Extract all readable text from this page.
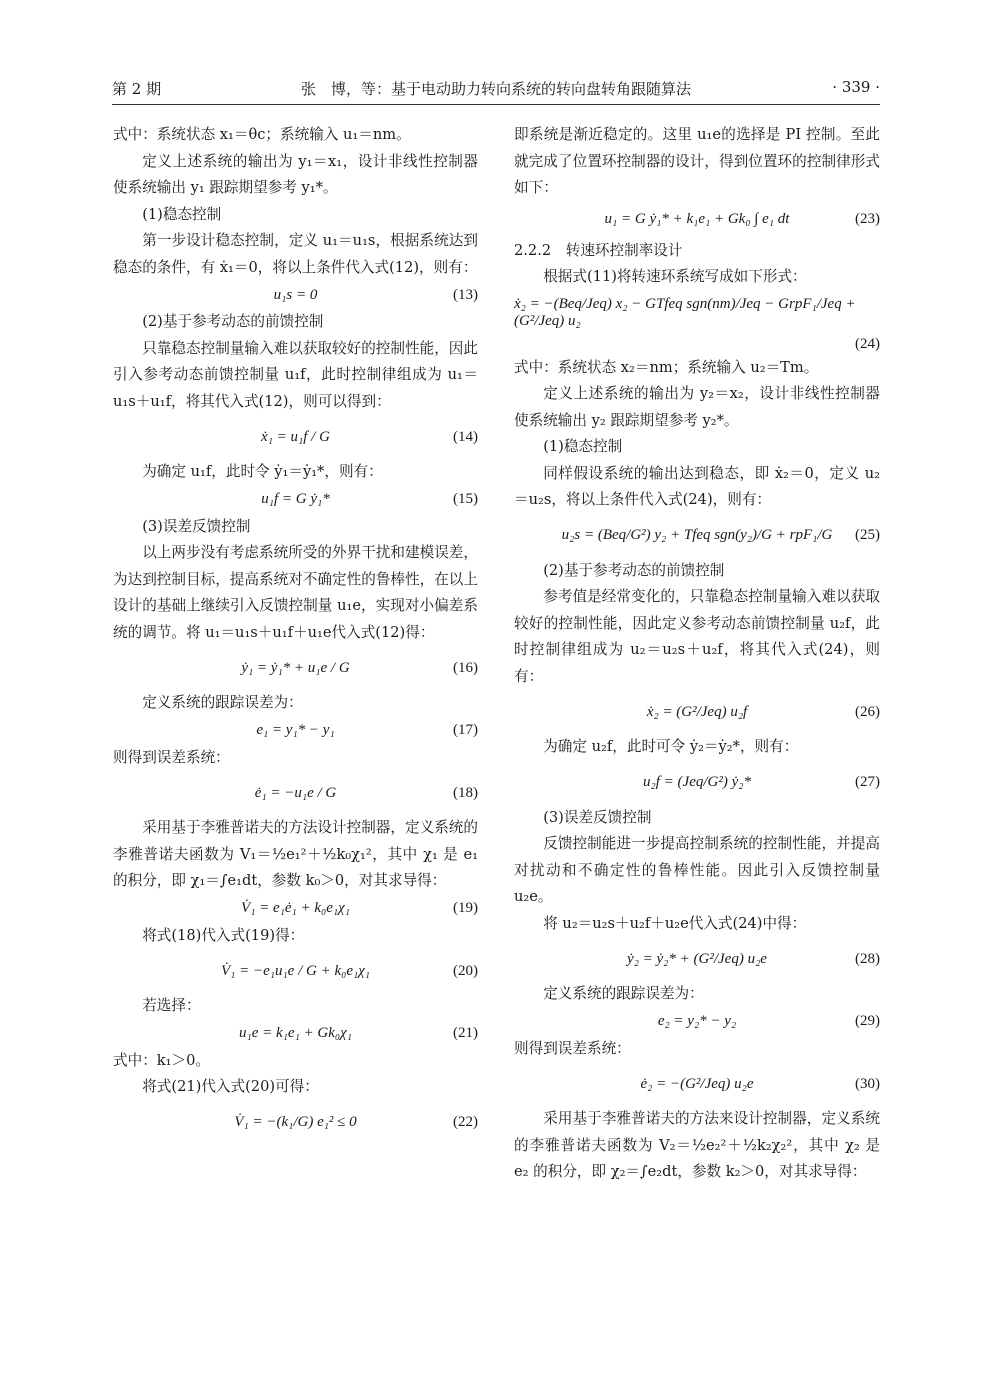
第 2 期	张　博，等：基于电动助力转向系统的转向盘转角跟随算法	· 339 ·

式中：系统状态 x₁＝θc；系统输入 u₁＝nm。

定义上述系统的输出为 y₁＝x₁，设计非线性控制器使系统输出 y₁ 跟踪期望参考 y₁*。

(1)稳态控制

第一步设计稳态控制，定义 u₁＝u₁s，根据系统达到稳态的条件，有 ẋ₁＝0，将以上条件代入式(12)，则有：

u₁s = 0	(13)
(2)基于参考动态的前馈控制

只靠稳态控制量输入难以获取较好的控制性能，因此引入参考动态前馈控制量 u₁f，此时控制律组成为 u₁＝u₁s＋u₁f，将其代入式(12)，则可以得到：

ẋ₁ = u₁f / G	(14)

为确定 u₁f，此时令 ẏ₁＝ẏ₁*，则有：

u₁f = G ẏ₁*	(15)
(3)误差反馈控制

以上两步没有考虑系统所受的外界干扰和建模误差，为达到控制目标，提高系统对不确定性的鲁棒性，在以上设计的基础上继续引入反馈控制量 u₁e，实现对小偏差系统的调节。将 u₁＝u₁s＋u₁f＋u₁e代入式(12)得：

ẏ₁ = ẏ₁* + u₁e / G	(16)

定义系统的跟踪误差为：

e₁ = y₁* − y₁	(17)

则得到误差系统：

ė₁ = −u₁e / G	(18)

采用基于李雅普诺夫的方法设计控制器，定义系统的李雅普诺夫函数为 V₁＝½e₁²＋½k₀χ₁²，其中 χ₁ 是 e₁ 的积分，即 χ₁＝∫e₁dt，参数 k₀＞0，对其求导得：

V̇₁ = e₁ė₁ + k₀e₁χ₁	(19)

将式(18)代入式(19)得：

V̇₁ = −e₁u₁e / G + k₀e₁χ₁	(20)

若选择：

u₁e = k₁e₁ + Gk₀χ₁	(21)

式中：k₁＞0。

将式(21)代入式(20)可得：

V̇₁ = −(k₁/G) e₁² ≤ 0	(22)

即系统是渐近稳定的。这里 u₁e的选择是 PI 控制。至此就完成了位置环控制器的设计，得到位置环的控制律形式如下：

u₁ = G ẏ₁* + k₁e₁ + Gk₀ ∫ e₁ dt	(23)
2.2.2　转速环控制率设计

根据式(11)将转速环系统写成如下形式：

ẋ₂ = −(Beq/Jeq) x₂ − GTfeq sgn(nm)/Jeq − GrpF₁/Jeq + (G²/Jeq) u₂
(24)

式中：系统状态 x₂＝nm；系统输入 u₂＝Tm。

定义上述系统的输出为 y₂＝x₂，设计非线性控制器使系统输出 y₂ 跟踪期望参考 y₂*。

(1)稳态控制

同样假设系统的输出达到稳态，即 ẋ₂＝0，定义 u₂＝u₂s，将以上条件代入式(24)，则有：

u₂s = (Beq/G²) y₂ + Tfeq sgn(y₂)/G + rpF₁/G (25)
(2)基于参考动态的前馈控制

参考值是经常变化的，只靠稳态控制量输入难以获取较好的控制性能，因此定义参考动态前馈控制量 u₂f，此时控制律组成为 u₂＝u₂s＋u₂f，将其代入式(24)，则有：

ẋ₂ = (G²/Jeq) u₂f	(26)

为确定 u₂f，此时可令 ẏ₂＝ẏ₂*，则有：

u₂f = (Jeq/G²) ẏ₂*	(27)
(3)误差反馈控制

反馈控制能进一步提高控制系统的控制性能，并提高对扰动和不确定性的鲁棒性能。因此引入反馈控制量 u₂e。

将 u₂＝u₂s＋u₂f＋u₂e代入式(24)中得：

ẏ₂ = ẏ₂* + (G²/Jeq) u₂e	(28)

定义系统的跟踪误差为：

e₂ = y₂* − y₂	(29)

则得到误差系统：

ė₂ = −(G²/Jeq) u₂e	(30)

采用基于李雅普诺夫的方法来设计控制器，定义系统的李雅普诺夫函数为 V₂＝½e₂²＋½k₂χ₂²，其中 χ₂ 是 e₂ 的积分，即 χ₂＝∫e₂dt，参数 k₂＞0，对其求导得：
